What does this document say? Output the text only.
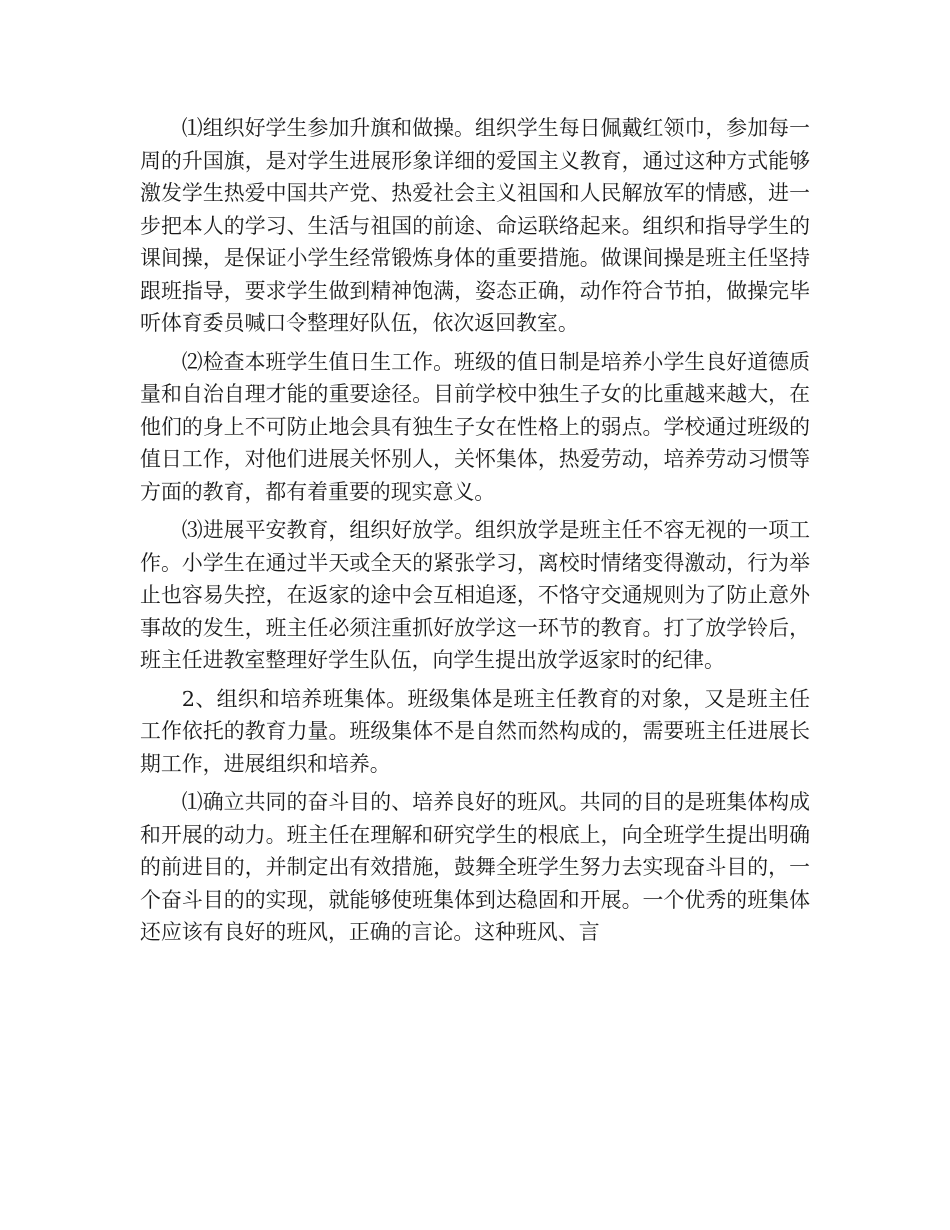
⑴组织好学生参加升旗和做操。组织学生每日佩戴红领巾，参加每一周的升国旗，是对学生进展形象详细的爱国主义教育，通过这种方式能够激发学生热爱中国共产党、热爱社会主义祖国和人民解放军的情感，进一步把本人的学习、生活与祖国的前途、命运联络起来。组织和指导学生的课间操，是保证小学生经常锻炼身体的重要措施。做课间操是班主任坚持跟班指导，要求学生做到精神饱满，姿态正确，动作符合节拍，做操完毕听体育委员喊口令整理好队伍，依次返回教室。

⑵检查本班学生值日生工作。班级的值日制是培养小学生良好道德质量和自治自理才能的重要途径。目前学校中独生子女的比重越来越大，在他们的身上不可防止地会具有独生子女在性格上的弱点。学校通过班级的值日工作，对他们进展关怀别人，关怀集体，热爱劳动，培养劳动习惯等方面的教育，都有着重要的现实意义。

⑶进展平安教育，组织好放学。组织放学是班主任不容无视的一项工作。小学生在通过半天或全天的紧张学习，离校时情绪变得激动，行为举止也容易失控，在返家的途中会互相追逐，不恪守交通规则为了防止意外事故的发生，班主任必须注重抓好放学这一环节的教育。打了放学铃后，班主任进教室整理好学生队伍，向学生提出放学返家时的纪律。

2、组织和培养班集体。班级集体是班主任教育的对象，又是班主任工作依托的教育力量。班级集体不是自然而然构成的，需要班主任进展长期工作，进展组织和培养。

⑴确立共同的奋斗目的、培养良好的班风。共同的目的是班集体构成和开展的动力。班主任在理解和研究学生的根底上，向全班学生提出明确的前进目的，并制定出有效措施，鼓舞全班学生努力去实现奋斗目的，一个奋斗目的的实现，就能够使班集体到达稳固和开展。一个优秀的班集体还应该有良好的班风，正确的言论。这种班风、言
